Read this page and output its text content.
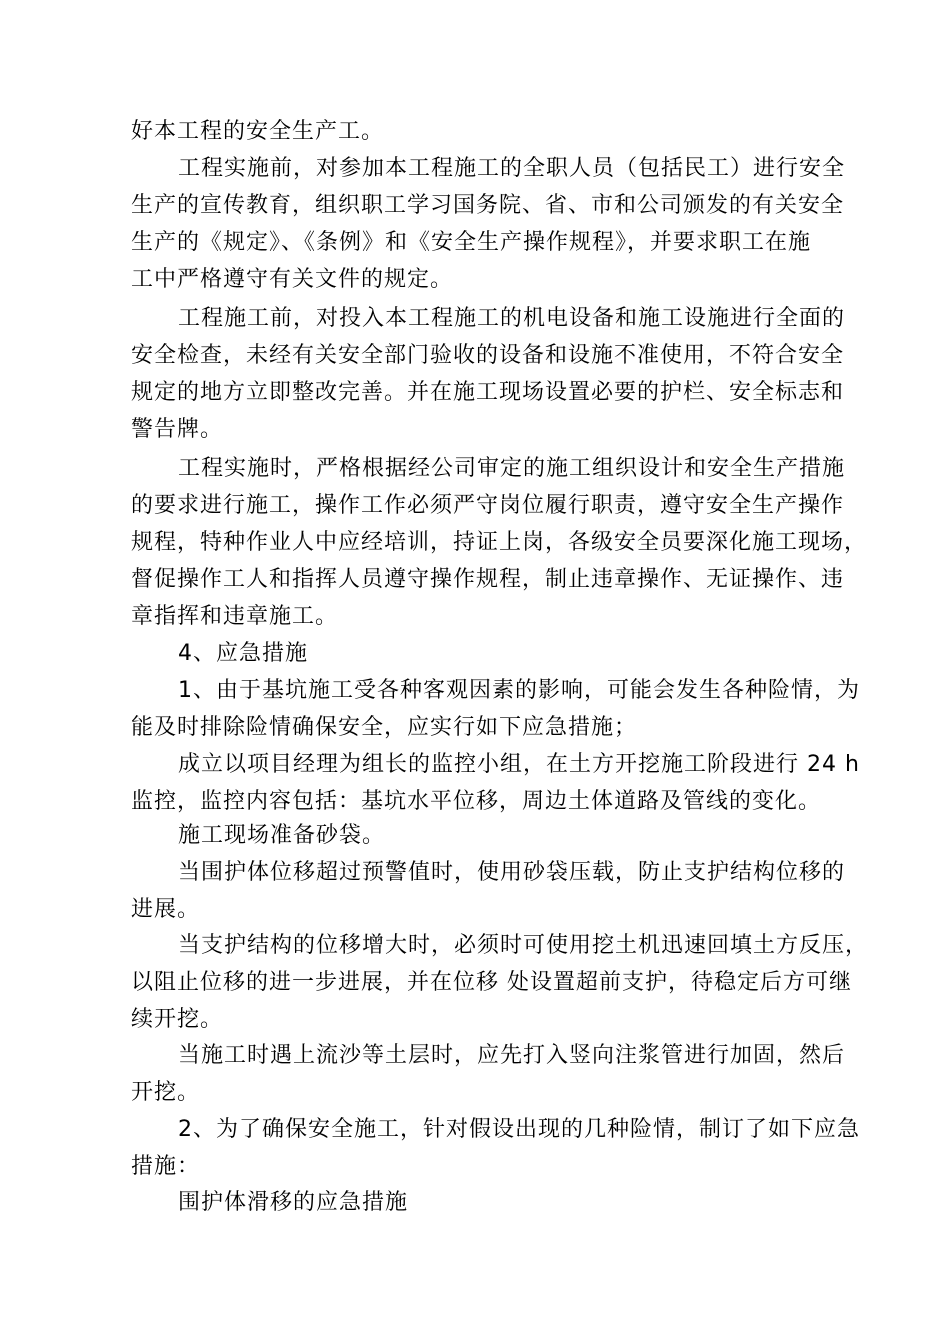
好本工程的安全生产工。
工程实施前，对参加本工程施工的全职人员（包括民工）进行安全
生产的宣传教育，组织职工学习国务院、省、市和公司颁发的有关安全
生产的《规定》、《条例》和《安全生产操作规程》，并要求职工在施
工中严格遵守有关文件的规定。
工程施工前，对投入本工程施工的机电设备和施工设施进行全面的
安全检查，未经有关安全部门验收的设备和设施不准使用，不符合安全
规定的地方立即整改完善。并在施工现场设置必要的护栏、安全标志和
警告牌。
工程实施时，严格根据经公司审定的施工组织设计和安全生产措施
的要求进行施工，操作工作必须严守岗位履行职责，遵守安全生产操作
规程，特种作业人中应经培训，持证上岗，各级安全员要深化施工现场，
督促操作工人和指挥人员遵守操作规程，制止违章操作、无证操作、违
章指挥和违章施工。
4、应急措施
1、由于基坑施工受各种客观因素的影响，可能会发生各种险情，为
能及时排除险情确保安全，应实行如下应急措施；
成立以项目经理为组长的监控小组，在土方开挖施工阶段进行 24 h
监控，监控内容包括：基坑水平位移，周边土体道路及管线的变化。
施工现场准备砂袋。
当围护体位移超过预警值时，使用砂袋压载，防止支护结构位移的
进展。
当支护结构的位移增大时，必须时可使用挖土机迅速回填土方反压，
以阻止位移的进一步进展，并在位移 处设置超前支护，待稳定后方可继
续开挖。
当施工时遇上流沙等土层时，应先打入竖向注浆管进行加固，然后
开挖。
2、为了确保安全施工，针对假设出现的几种险情，制订了如下应急
措施：
围护体滑移的应急措施
